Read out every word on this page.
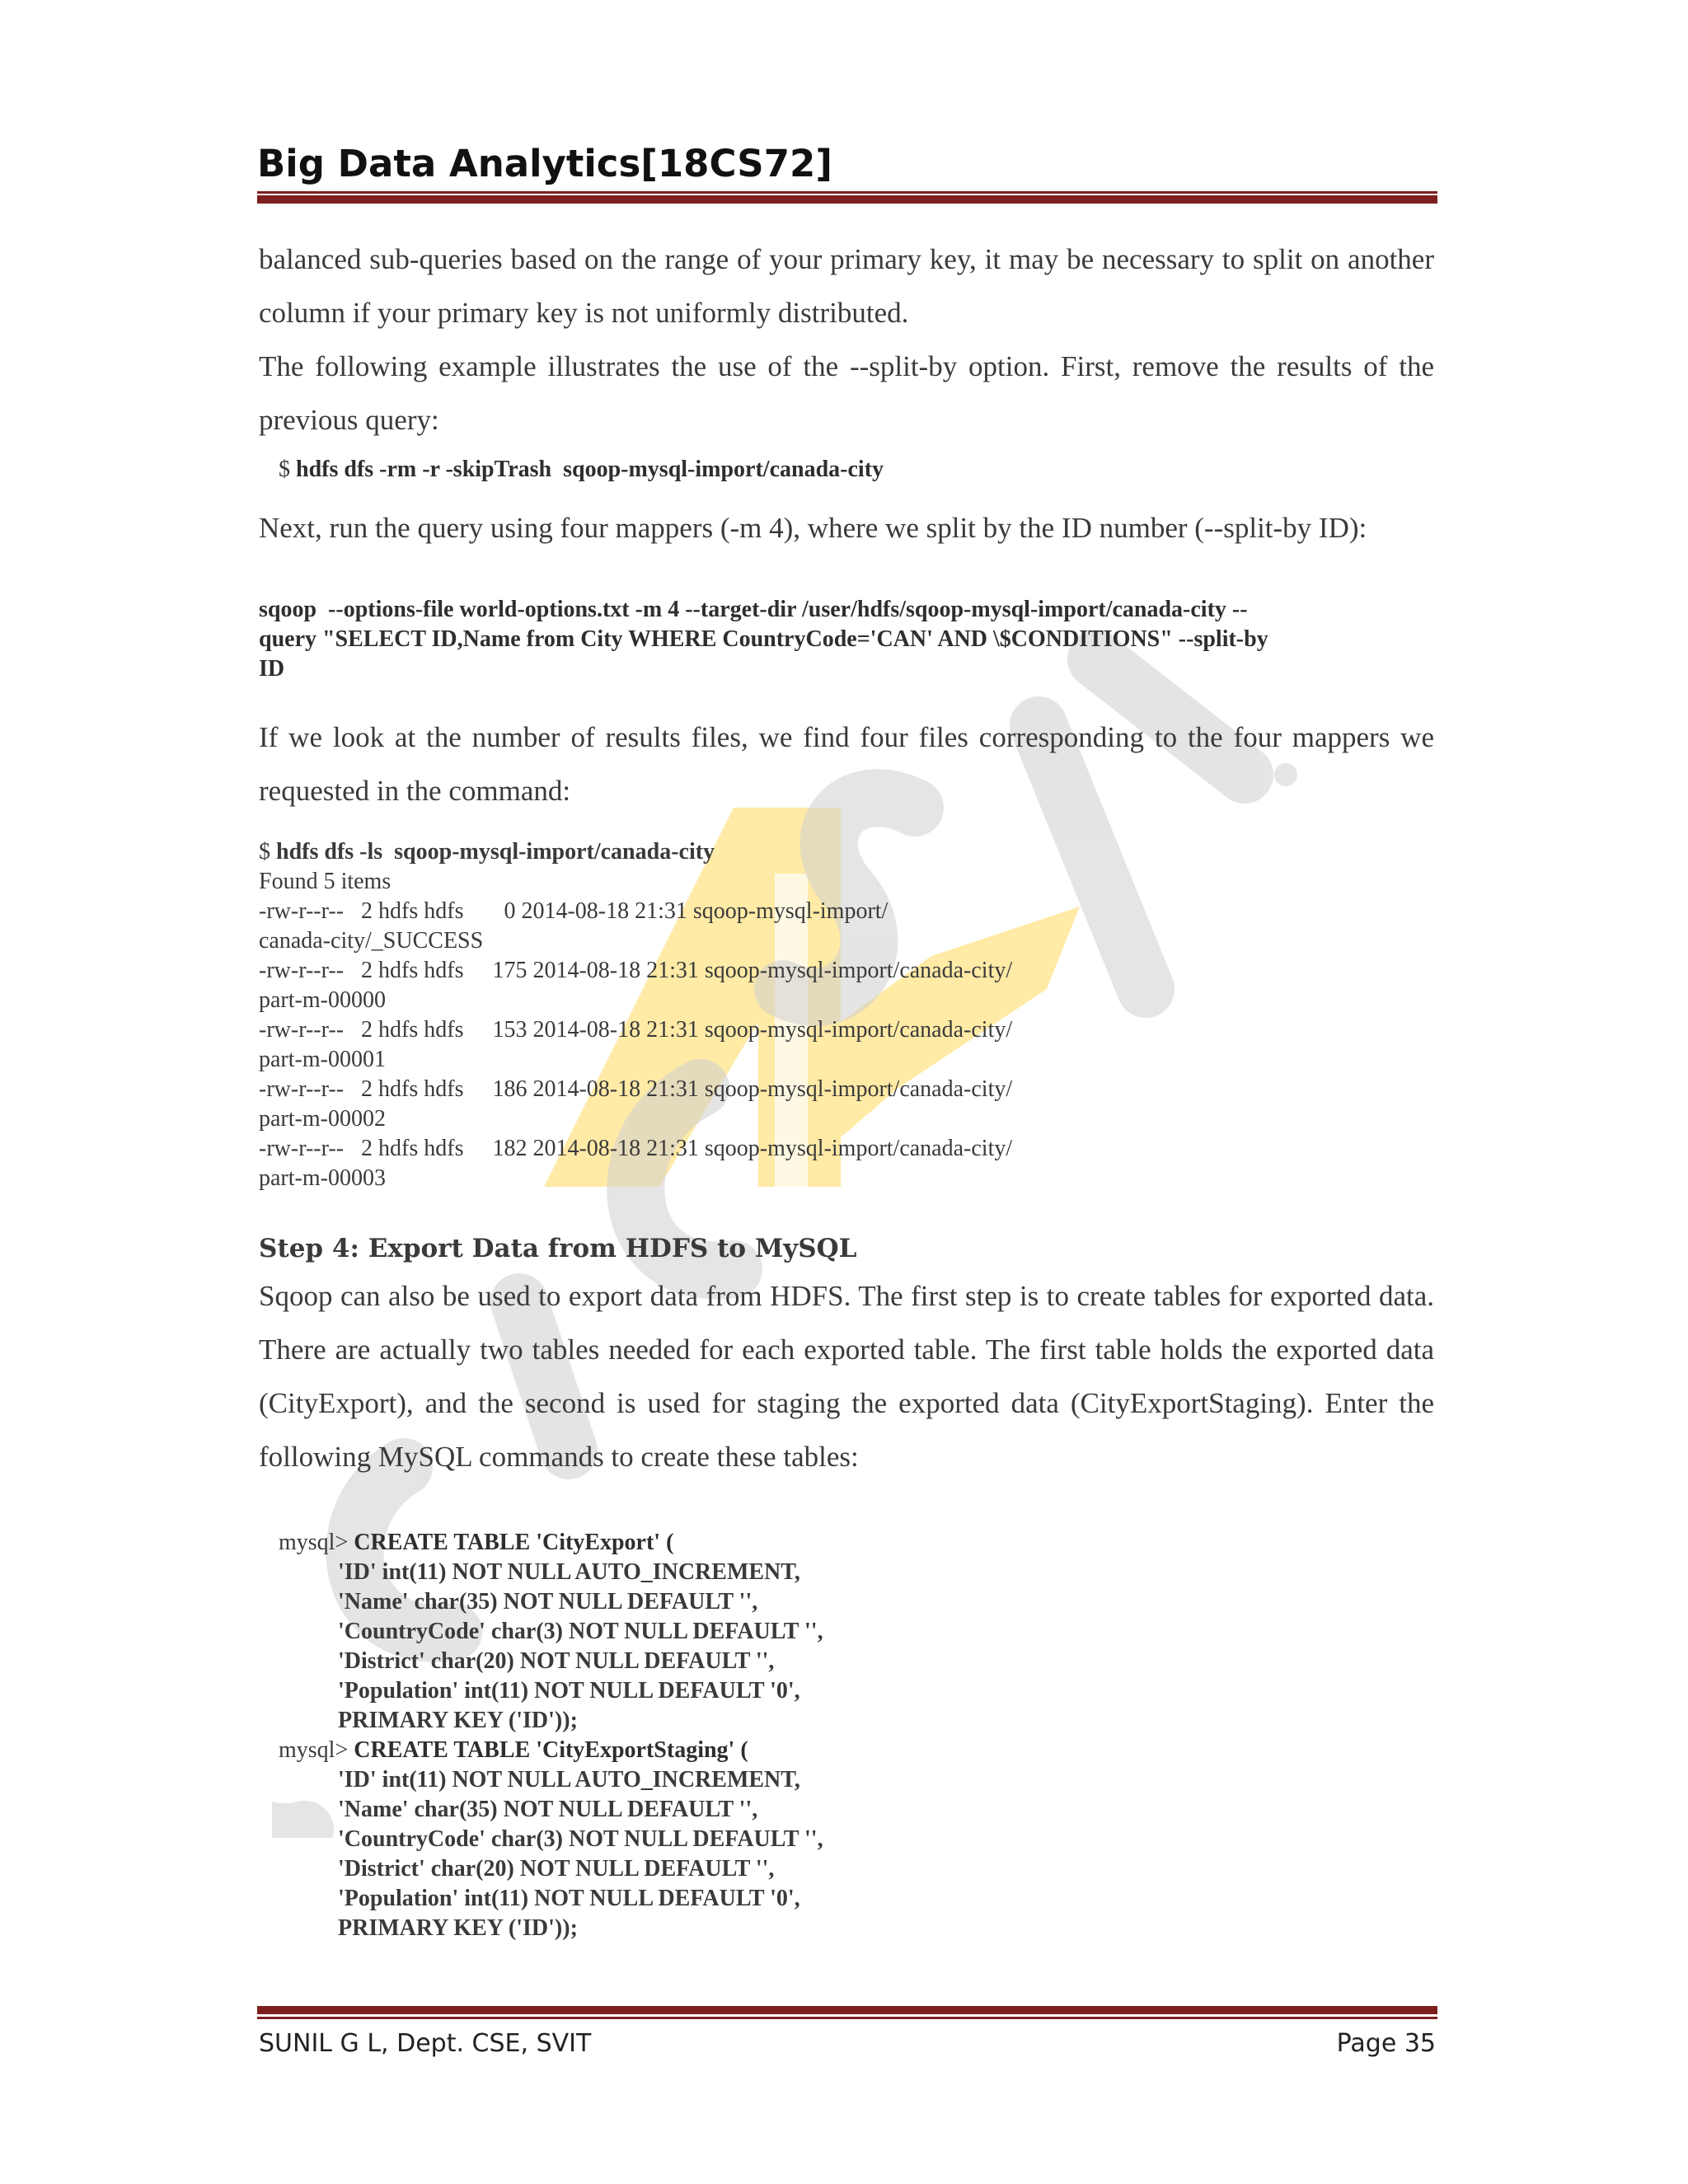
Big Data Analytics[18CS72]

balanced sub-queries based on the range of your primary key, it may be necessary to split on another column if your primary key is not uniformly distributed.

The following example illustrates the use of the --split-by option. First, remove the results of the previous query:

$ hdfs dfs -rm -r -skipTrash  sqoop-mysql-import/canada-city

Next, run the query using four mappers (-m 4), where we split by the ID number (--split-by ID):

sqoop  --options-file world-options.txt -m 4 --target-dir /user/hdfs/sqoop-mysql-import/canada-city --
query "SELECT ID,Name from City WHERE CountryCode='CAN' AND \$CONDITIONS" --split-by
ID

If we look at the number of results files, we find four files corresponding to the four mappers we requested in the command:

$ hdfs dfs -ls  sqoop-mysql-import/canada-city
Found 5 items
-rw-r--r--   2 hdfs hdfs       0 2014-08-18 21:31 sqoop-mysql-import/
canada-city/_SUCCESS
-rw-r--r--   2 hdfs hdfs     175 2014-08-18 21:31 sqoop-mysql-import/canada-city/
part-m-00000
-rw-r--r--   2 hdfs hdfs     153 2014-08-18 21:31 sqoop-mysql-import/canada-city/
part-m-00001
-rw-r--r--   2 hdfs hdfs     186 2014-08-18 21:31 sqoop-mysql-import/canada-city/
part-m-00002
-rw-r--r--   2 hdfs hdfs     182 2014-08-18 21:31 sqoop-mysql-import/canada-city/
part-m-00003
Step 4: Export Data from HDFS to MySQL

Sqoop can also be used to export data from HDFS. The first step is to create tables for exported data. There are actually two tables needed for each exported table. The first table holds the exported data (CityExport), and the second is used for staging the exported data (CityExportStaging). Enter the following MySQL commands to create these tables:

mysql> CREATE TABLE 'CityExport' (
'ID' int(11) NOT NULL AUTO_INCREMENT,
'Name' char(35) NOT NULL DEFAULT '',
'CountryCode' char(3) NOT NULL DEFAULT '',
'District' char(20) NOT NULL DEFAULT '',
'Population' int(11) NOT NULL DEFAULT '0',
PRIMARY KEY ('ID'));
mysql> CREATE TABLE 'CityExportStaging' (
'ID' int(11) NOT NULL AUTO_INCREMENT,
'Name' char(35) NOT NULL DEFAULT '',
'CountryCode' char(3) NOT NULL DEFAULT '',
'District' char(20) NOT NULL DEFAULT '',
'Population' int(11) NOT NULL DEFAULT '0',
PRIMARY KEY ('ID'));
SUNIL G L, Dept. CSE, SVIT	Page 35
